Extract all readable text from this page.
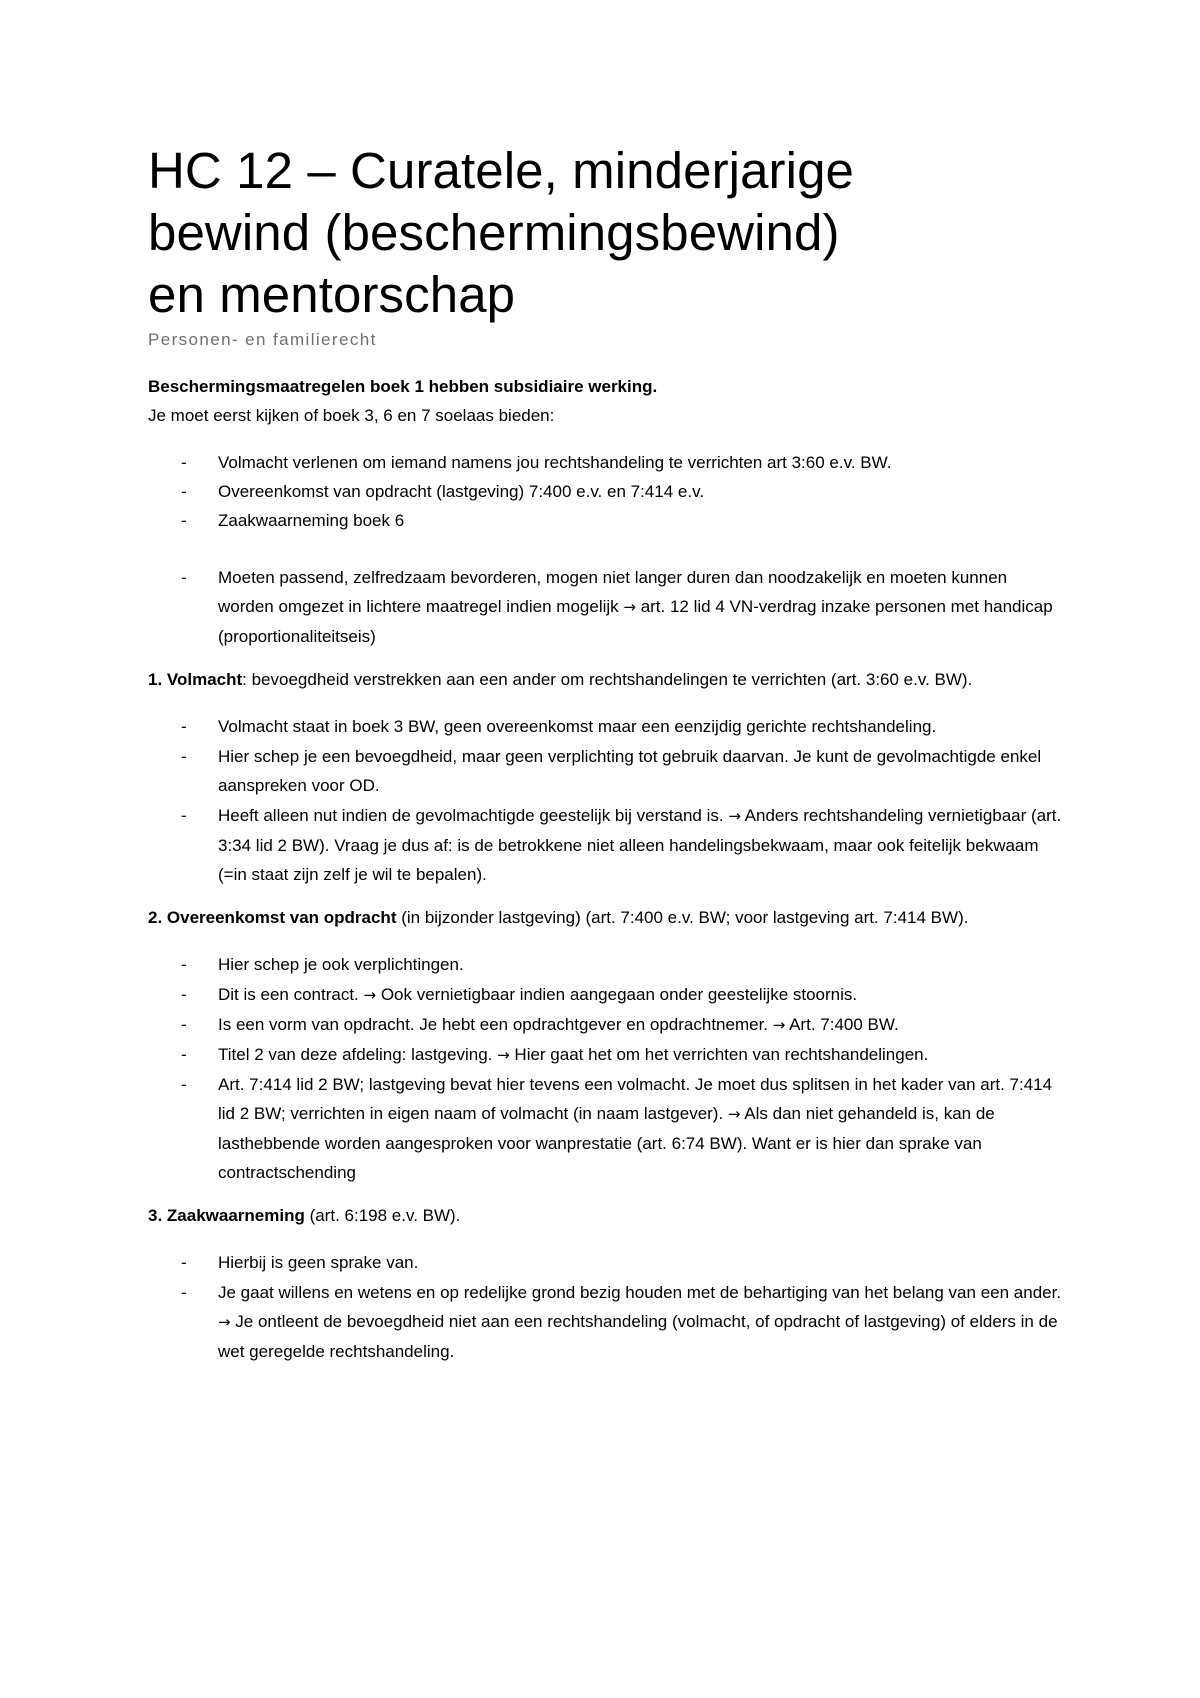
HC 12 – Curatele, minderjarige
bewind (beschermingsbewind)
en mentorschap
Personen- en familierecht

Beschermingsmaatregelen boek 1 hebben subsidiaire werking.

Je moet eerst kijken of boek 3, 6 en 7 soelaas bieden:

- Volmacht verlenen om iemand namens jou rechtshandeling te verrichten art 3:60 e.v. BW.
- Overeenkomst van opdracht (lastgeving) 7:400 e.v. en 7:414 e.v.
- Zaakwaarneming boek 6
- Moeten passend, zelfredzaam bevorderen, mogen niet langer duren dan noodzakelijk en moeten kunnen worden omgezet in lichtere maatregel indien mogelijk → art. 12 lid 4 VN-verdrag inzake personen met handicap (proportionaliteitseis)

1. Volmacht: bevoegdheid verstrekken aan een ander om rechtshandelingen te verrichten (art. 3:60 e.v. BW).

- Volmacht staat in boek 3 BW, geen overeenkomst maar een eenzijdig gerichte rechtshandeling.
- Hier schep je een bevoegdheid, maar geen verplichting tot gebruik daarvan. Je kunt de gevolmachtigde enkel aanspreken voor OD.
- Heeft alleen nut indien de gevolmachtigde geestelijk bij verstand is. → Anders rechtshandeling vernietigbaar (art. 3:34 lid 2 BW). Vraag je dus af: is de betrokkene niet alleen handelingsbekwaam, maar ook feitelijk bekwaam (=in staat zijn zelf je wil te bepalen).

2. Overeenkomst van opdracht (in bijzonder lastgeving) (art. 7:400 e.v. BW; voor lastgeving art. 7:414 BW).

- Hier schep je ook verplichtingen.
- Dit is een contract. → Ook vernietigbaar indien aangegaan onder geestelijke stoornis.
- Is een vorm van opdracht. Je hebt een opdrachtgever en opdrachtnemer. → Art. 7:400 BW.
- Titel 2 van deze afdeling: lastgeving. → Hier gaat het om het verrichten van rechtshandelingen.
- Art. 7:414 lid 2 BW; lastgeving bevat hier tevens een volmacht. Je moet dus splitsen in het kader van art. 7:414 lid 2 BW; verrichten in eigen naam of volmacht (in naam lastgever). → Als dan niet gehandeld is, kan de lasthebbende worden aangesproken voor wanprestatie (art. 6:74 BW). Want er is hier dan sprake van contractschending

3. Zaakwaarneming (art. 6:198 e.v. BW).

- Hierbij is geen sprake van.
- Je gaat willens en wetens en op redelijke grond bezig houden met de behartiging van het belang van een ander. → Je ontleent de bevoegdheid niet aan een rechtshandeling (volmacht, of opdracht of lastgeving) of elders in de wet geregelde rechtshandeling.
